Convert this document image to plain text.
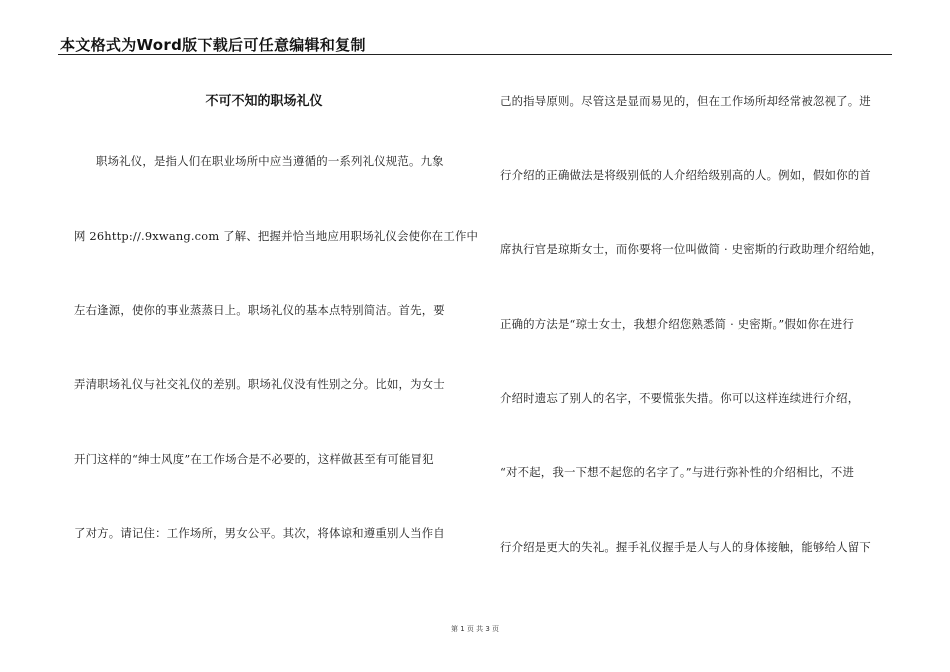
本文格式为Word版下载后可任意编辑和复制
不可不知的职场礼仪
职场礼仪，是指人们在职业场所中应当遵循的一系列礼仪规范。九象
网 26http://.9xwang.com 了解、把握并恰当地应用职场礼仪会使你在工作中
左右逢源，使你的事业蒸蒸日上。职场礼仪的基本点特别简洁。首先，要
弄清职场礼仪与社交礼仪的差别。职场礼仪没有性别之分。比如，为女士
开门这样的“绅士风度”在工作场合是不必要的，这样做甚至有可能冒犯
了对方。请记住：工作场所，男女公平。其次，将体谅和遵重别人当作自
己的指导原则。尽管这是显而易见的，但在工作场所却经常被忽视了。进
行介绍的正确做法是将级别低的人介绍给级别高的人。例如，假如你的首
席执行官是琼斯女士，而你要将一位叫做简 · 史密斯的行政助理介绍给她，
正确的方法是“琼士女士，我想介绍您熟悉简 · 史密斯。”假如你在进行
介绍时遗忘了别人的名字，不要慌张失措。你可以这样连续进行介绍，
“对不起，我一下想不起您的名字了。”与进行弥补性的介绍相比，不进
行介绍是更大的失礼。握手礼仪握手是人与人的身体接触，能够给人留下
第 1 页 共 3 页
